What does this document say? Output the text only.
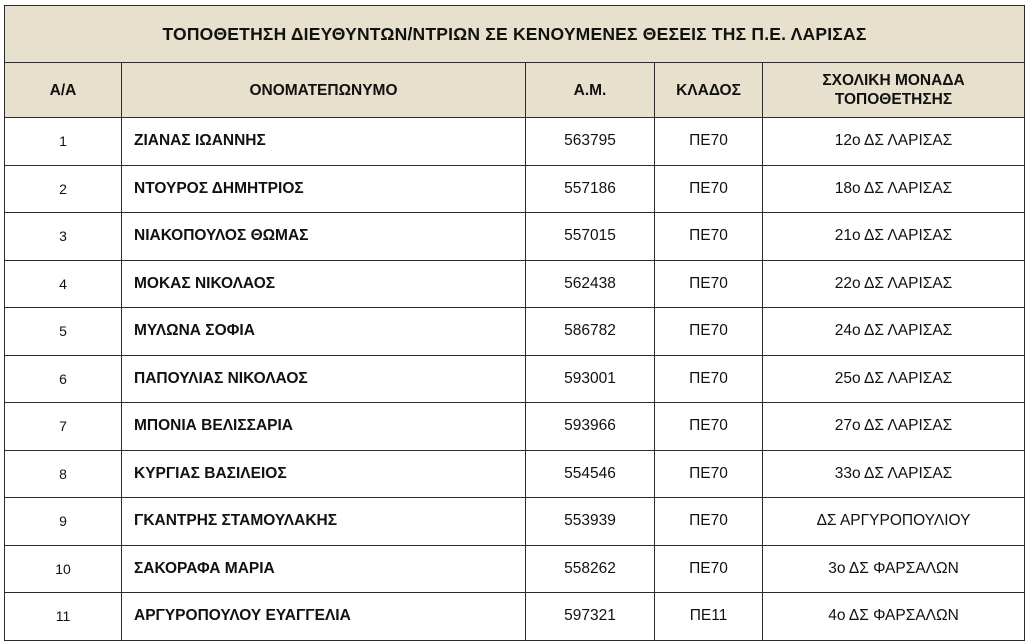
ΤΟΠΟΘΕΤΗΣΗ ΔΙΕΥΘΥΝΤΩΝ/ΝΤΡΙΩΝ ΣΕ ΚΕΝΟΥΜΕΝΕΣ ΘΕΣΕΙΣ ΤΗΣ Π.Ε. ΛΑΡΙΣΑΣ				
Α/Α	ΟΝΟΜΑΤΕΠΩΝΥΜΟ	Α.Μ.	ΚΛΑΔΟΣ	ΣΧΟΛΙΚΗ ΜΟΝΑΔΑ
ΤΟΠΟΘΕΤΗΣΗΣ
1	ΖΙΑΝΑΣ ΙΩΑΝΝΗΣ	563795	ΠΕ70	12ο ΔΣ ΛΑΡΙΣΑΣ
2	ΝΤΟΥΡΟΣ ΔΗΜΗΤΡΙΟΣ	557186	ΠΕ70	18ο ΔΣ ΛΑΡΙΣΑΣ
3	ΝΙΑΚΟΠΟΥΛΟΣ ΘΩΜΑΣ	557015	ΠΕ70	21ο ΔΣ ΛΑΡΙΣΑΣ
4	ΜΟΚΑΣ ΝΙΚΟΛΑΟΣ	562438	ΠΕ70	22ο ΔΣ ΛΑΡΙΣΑΣ
5	ΜΥΛΩΝΑ ΣΟΦΙΑ	586782	ΠΕ70	24ο ΔΣ ΛΑΡΙΣΑΣ
6	ΠΑΠΟΥΛΙΑΣ ΝΙΚΟΛΑΟΣ	593001	ΠΕ70	25ο ΔΣ ΛΑΡΙΣΑΣ
7	ΜΠΟΝΙΑ ΒΕΛΙΣΣΑΡΙΑ	593966	ΠΕ70	27ο ΔΣ ΛΑΡΙΣΑΣ
8	ΚΥΡΓΙΑΣ ΒΑΣΙΛΕΙΟΣ	554546	ΠΕ70	33ο ΔΣ ΛΑΡΙΣΑΣ
9	ΓΚΑΝΤΡΗΣ ΣΤΑΜΟΥΛΑΚΗΣ	553939	ΠΕ70	ΔΣ ΑΡΓΥΡΟΠΟΥΛΙΟΥ
10	ΣΑΚΟΡΑΦΑ ΜΑΡΙΑ	558262	ΠΕ70	3ο ΔΣ ΦΑΡΣΑΛΩΝ
11	ΑΡΓΥΡΟΠΟΥΛΟΥ ΕΥΑΓΓΕΛΙΑ	597321	ΠΕ11	4ο ΔΣ ΦΑΡΣΑΛΩΝ
